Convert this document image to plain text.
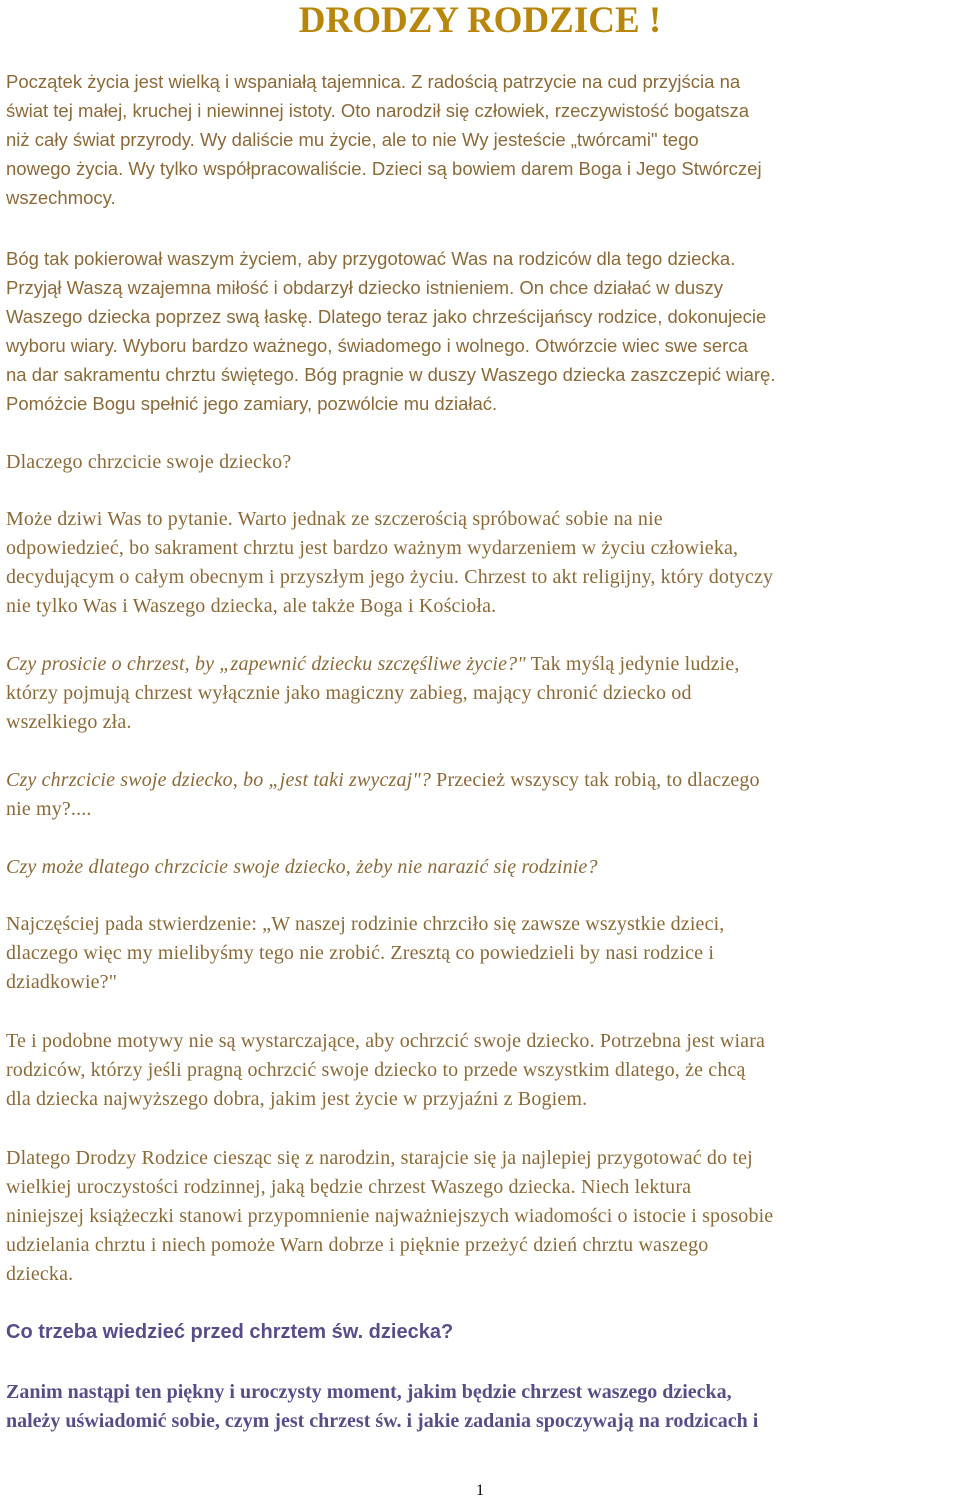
DRODZY RODZICE !
Początek życia jest wielką i wspaniałą tajemnica. Z radością patrzycie na cud przyjścia na
świat tej małej, kruchej i niewinnej istoty. Oto narodził się człowiek, rzeczywistość bogatsza
niż cały świat przyrody. Wy daliście mu życie, ale to nie Wy jesteście „twórcami" tego
nowego życia. Wy tylko współpracowaliście. Dzieci są bowiem darem Boga i Jego Stwórczej
wszechmocy.
Bóg tak pokierował waszym życiem, aby przygotować Was na rodziców dla tego dziecka.
Przyjął Waszą wzajemna miłość i obdarzył dziecko istnieniem. On chce działać w duszy
Waszego dziecka poprzez swą łaskę. Dlatego teraz jako chrześcijańscy rodzice, dokonujecie
wyboru wiary. Wyboru bardzo ważnego, świadomego i wolnego. Otwórzcie wiec swe serca
na dar sakramentu chrztu świętego. Bóg pragnie w duszy Waszego dziecka zaszczepić wiarę.
Pomóżcie Bogu spełnić jego zamiary, pozwólcie mu działać.
Dlaczego chrzcicie swoje dziecko?
Może dziwi Was to pytanie. Warto jednak ze szczerością spróbować sobie na nie
odpowiedzieć, bo sakrament chrztu jest bardzo ważnym wydarzeniem w życiu człowieka,
decydującym o całym obecnym i przyszłym jego życiu. Chrzest to akt religijny, który dotyczy
nie tylko Was i Waszego dziecka, ale także Boga i Kościoła.
Czy prosicie o chrzest, by „zapewnić dziecku szczęśliwe życie?" Tak myślą jedynie ludzie,
którzy pojmują chrzest wyłącznie jako magiczny zabieg, mający chronić dziecko od
wszelkiego zła.
Czy chrzcicie swoje dziecko, bo „jest taki zwyczaj"? Przecież wszyscy tak robią, to dlaczego
nie my?....
Czy może dlatego chrzcicie swoje dziecko, żeby nie narazić się rodzinie?
Najczęściej pada stwierdzenie: „W naszej rodzinie chrzciło się zawsze wszystkie dzieci,
dlaczego więc my mielibyśmy tego nie zrobić. Zresztą co powiedzieli by nasi rodzice i
dziadkowie?"
Te i podobne motywy nie są wystarczające, aby ochrzcić swoje dziecko. Potrzebna jest wiara
rodziców, którzy jeśli pragną ochrzcić swoje dziecko to przede wszystkim dlatego, że chcą
dla dziecka najwyższego dobra, jakim jest życie w przyjaźni z Bogiem.
Dlatego Drodzy Rodzice ciesząc się z narodzin, starajcie się ja najlepiej przygotować do tej
wielkiej uroczystości rodzinnej, jaką będzie chrzest Waszego dziecka. Niech lektura
niniejszej książeczki stanowi przypomnienie najważniejszych wiadomości o istocie i sposobie
udzielania chrztu i niech pomoże Warn dobrze i pięknie przeżyć dzień chrztu waszego
dziecka.
Co trzeba wiedzieć przed chrztem św. dziecka?
Zanim nastąpi ten piękny i uroczysty moment, jakim będzie chrzest waszego dziecka,
należy uświadomić sobie, czym jest chrzest św. i jakie zadania spoczywają na rodzicach i
1
